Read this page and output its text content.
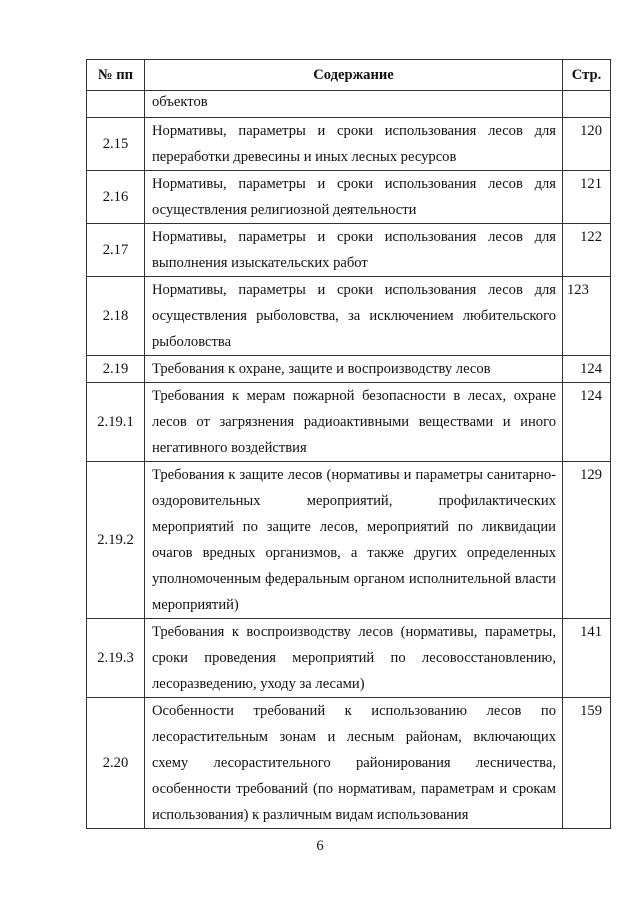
№ пп	Содержание	Стр.
	объектов	
2.15	Нормативы, параметры и сроки использования лесов для переработки древесины и иных лесных ресурсов	120
2.16	Нормативы, параметры и сроки использования лесов для осуществления религиозной деятельности	121
2.17	Нормативы, параметры и сроки использования лесов для выполнения изыскательских работ	122
2.18	Нормативы, параметры и сроки использования лесов для осуществления рыболовства, за исключением любительского рыболовства	123
2.19	Требования к охране, защите и воспроизводству лесов	124
2.19.1	Требования к мерам пожарной безопасности в лесах, охране лесов от загрязнения радиоактивными веществами и иного негативного воздействия	124
2.19.2	Требования к защите лесов (нормативы и параметры санитарно-оздоровительных мероприятий, профилактических мероприятий по защите лесов, мероприятий по ликвидации очагов вредных организмов, а также других определенных уполномоченным федеральным органом исполнительной власти мероприятий)	129
2.19.3	Требования к воспроизводству лесов (нормативы, параметры, сроки проведения мероприятий по лесовосстановлению, лесоразведению, уходу за лесами)	141
2.20	Особенности требований к использованию лесов по лесорастительным зонам и лесным районам, включающих схему лесорастительного районирования лесничества, особенности требований (по нормативам, параметрам и срокам использования) к различным видам использования	159
6
